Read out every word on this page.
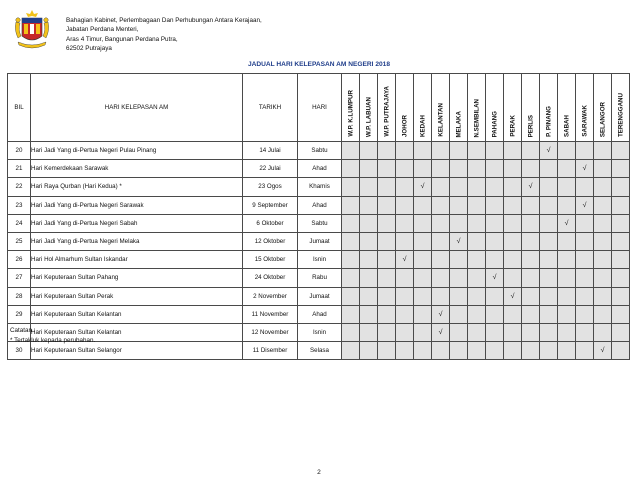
Bahagian Kabinet, Perlembagaan Dan Perhubungan Antara Kerajaan,
Jabatan Perdana Menteri,
Aras 4 Timur, Bangunan Perdana Putra,
62502 Putrajaya
JADUAL HARI KELEPASAN AM NEGERI 2018
BIL	HARI KELEPASAN AM	TARIKH	HARI	W.P. K.LUMPUR	W.P. LABUAN	W.P. PUTRAJAYA	JOHOR	KEDAH	KELANTAN	MELAKA	N.SEMBILAN	PAHANG	PERAK	PERLIS	P. PINANG	SABAH	SARAWAK	SELANGOR	TERENGGANU

20	Hari Jadi Yang di-Pertua Negeri Pulau Pinang	14 Julai	Sabtu												√				
21	Hari Kemerdekaan Sarawak	22 Julai	Ahad														√		
22	Hari Raya Qurban (Hari Kedua) *	23 Ogos	Khamis					√						√					
23	Hari Jadi Yang di-Pertua Negeri Sarawak	9 September	Ahad														√		
24	Hari Jadi Yang di-Pertua Negeri Sabah	6 Oktober	Sabtu													√			
25	Hari Jadi Yang di-Pertua Negeri Melaka	12 Oktober	Jumaat							√									
26	Hari Hol Almarhum Sultan Iskandar	15 Oktober	Isnin				√												
27	Hari Keputeraan Sultan Pahang	24 Oktober	Rabu									√							
28	Hari Keputeraan Sultan Perak	2 November	Jumaat										√						
29	Hari Keputeraan Sultan Kelantan	11 November	Ahad						√										
	Hari Keputeraan Sultan Kelantan	12 November	Isnin						√										
30	Hari Keputeraan Sultan Selangor	11 Disember	Selasa															√	
Catatan :
* Tertakluk kepada perubahan.
2
